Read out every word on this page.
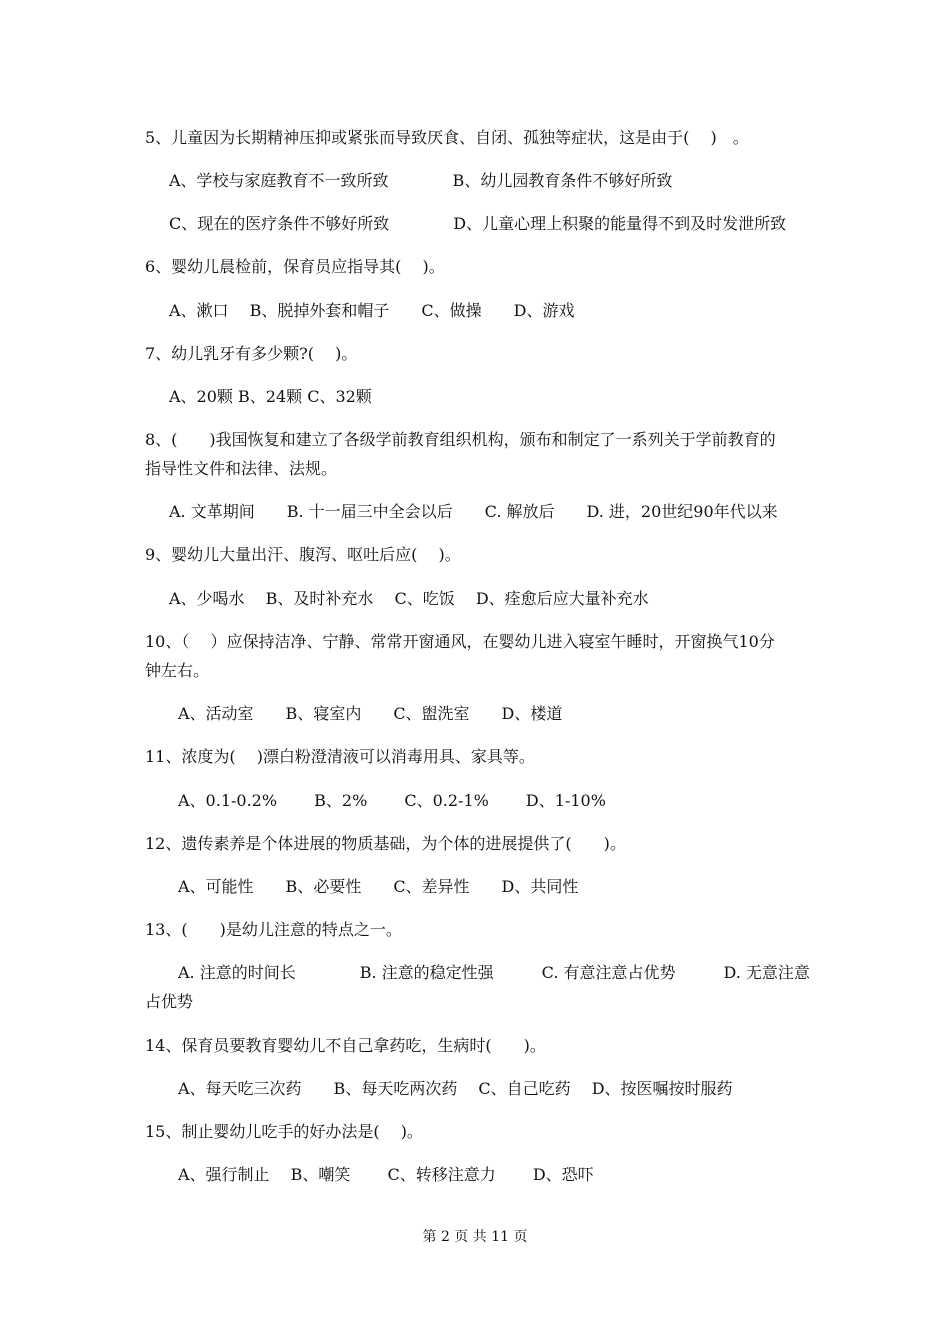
5、儿童因为长期精神压抑或紧张而导致厌食、自闭、孤独等症状，这是由于(　 )　。
A、学校与家庭教育不一致所致　　　　B、幼儿园教育条件不够好所致
C、现在的医疗条件不够好所致　　　　D、儿童心理上积聚的能量得不到及时发泄所致
6、婴幼儿晨检前，保育员应指导其(　 )。
A、漱口　 B、脱掉外套和帽子　　C、做操　　D、游戏
7、幼儿乳牙有多少颗?(　 )。
A、20颗 B、24颗 C、32颗
8、(　　)我国恢复和建立了各级学前教育组织机构，颁布和制定了一系列关于学前教育的
指导性文件和法律、法规。
A. 文革期间　　B. 十一届三中全会以后　　C. 解放后　　D. 进，20世纪90年代以来
9、婴幼儿大量出汗、腹泻、呕吐后应(　 )。
A、少喝水　 B、及时补充水　 C、吃饭　 D、痊愈后应大量补充水
10、（　 ）应保持洁净、宁静、常常开窗通风，在婴幼儿进入寝室午睡时，开窗换气10分
钟左右。
A、活动室　　B、寝室内　　C、盥洗室　　D、楼道
11、浓度为(　 )漂白粉澄清液可以消毒用具、家具等。
A、0.1-0.2%　　 B、2%　　 C、0.2-1%　　 D、1-10%
12、遗传素养是个体进展的物质基础，为个体的进展提供了(　　)。
A、可能性　　B、必要性　　C、差异性　　D、共同性
13、(　　)是幼儿注意的特点之一。
A. 注意的时间长　　　　B. 注意的稳定性强　　　C. 有意注意占优势　　　D. 无意注意
占优势
14、保育员要教育婴幼儿不自己拿药吃，生病时(　　)。
A、每天吃三次药　　B、每天吃两次药　 C、自己吃药　 D、按医嘱按时服药
15、制止婴幼儿吃手的好办法是(　 )。
A、强行制止　 B、嘲笑　　 C、转移注意力　　 D、恐吓
第 2 页 共 11 页
